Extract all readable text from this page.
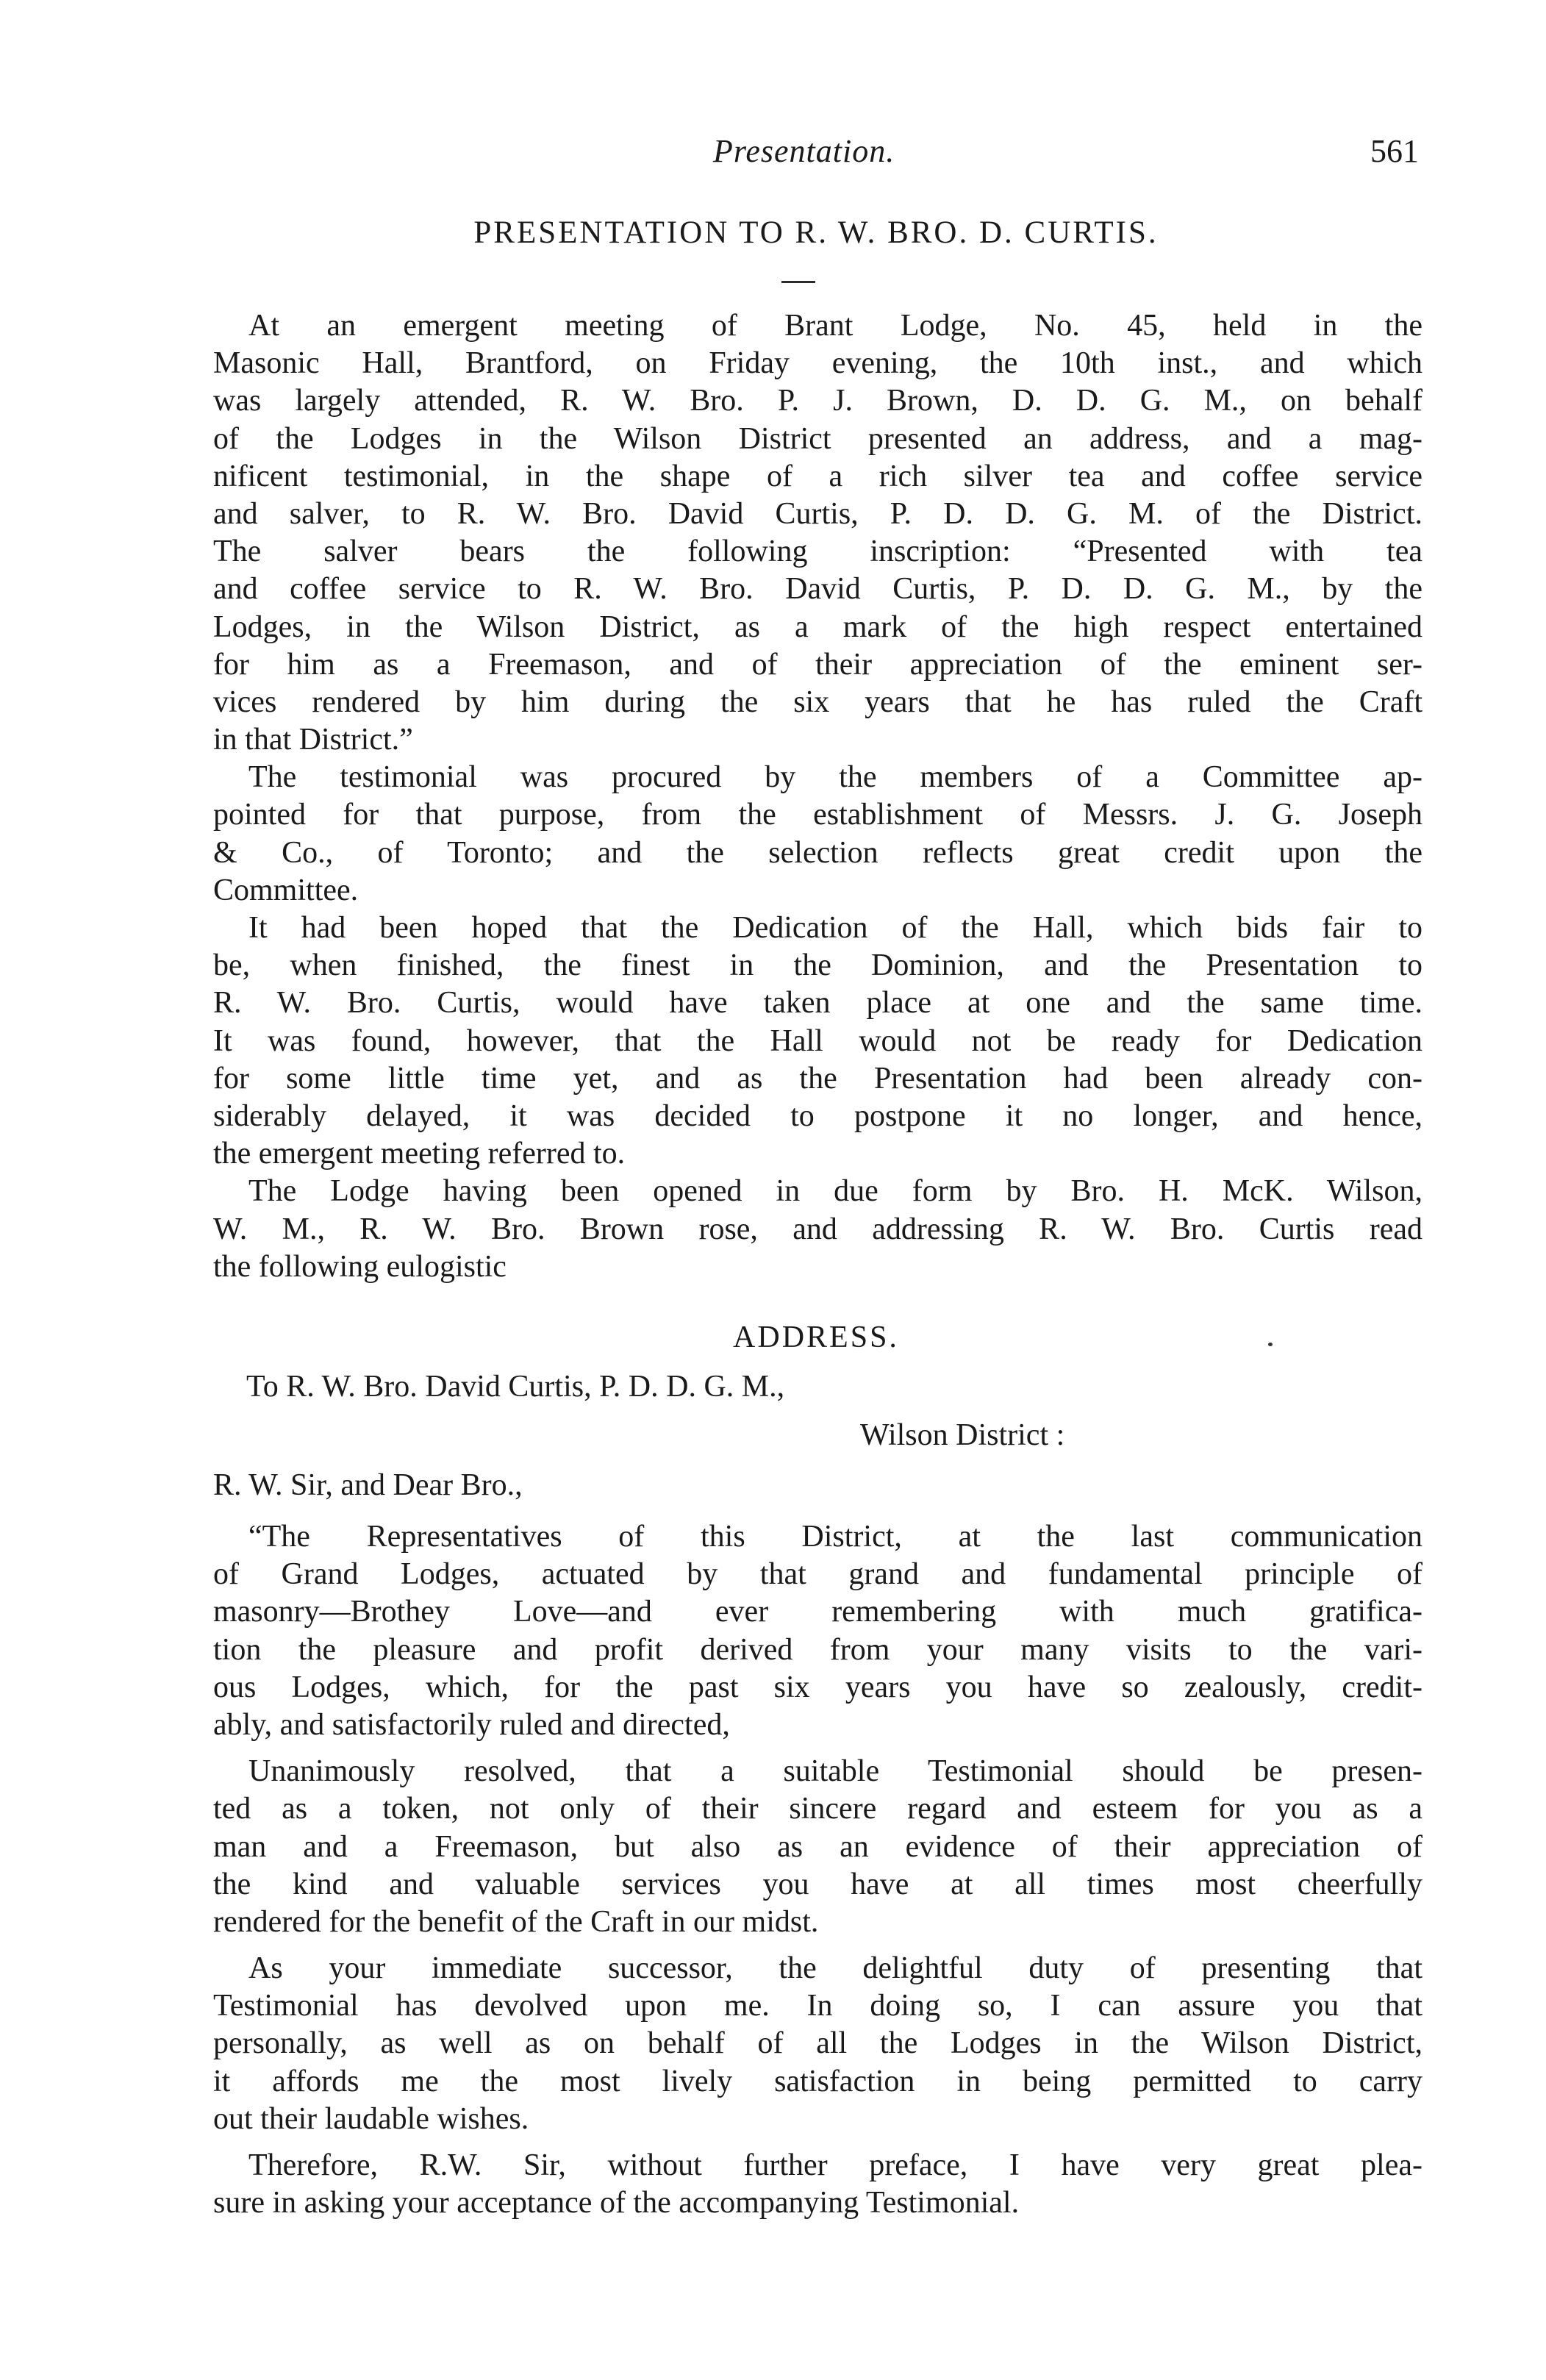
Presentation.	561
PRESENTATION TO R. W. BRO. D. CURTIS.
At an emergent meeting of Brant Lodge, No. 45, held in the
Masonic Hall, Brantford, on Friday evening, the 10th inst., and which
was largely attended, R. W. Bro. P. J. Brown, D. D. G. M., on behalf
of the Lodges in the Wilson District presented an address, and a mag-
nificent testimonial, in the shape of a rich silver tea and coffee service
and salver, to R. W. Bro. David Curtis, P. D. D. G. M. of the District.
The salver bears the following inscription: “Presented with tea
and coffee service to R. W. Bro. David Curtis, P. D. D. G. M., by the
Lodges, in the Wilson District, as a mark of the high respect entertained
for him as a Freemason, and of their appreciation of the eminent ser-
vices rendered by him during the six years that he has ruled the Craft
in that District.”
The testimonial was procured by the members of a Committee ap-
pointed for that purpose, from the establishment of Messrs. J. G. Joseph
& Co., of Toronto; and the selection reflects great credit upon the
Committee.
It had been hoped that the Dedication of the Hall, which bids fair to
be, when finished, the finest in the Dominion, and the Presentation to
R. W. Bro. Curtis, would have taken place at one and the same time.
It was found, however, that the Hall would not be ready for Dedication
for some little time yet, and as the Presentation had been already con-
siderably delayed, it was decided to postpone it no longer, and hence,
the emergent meeting referred to.
The Lodge having been opened in due form by Bro. H. McK. Wilson,
W. M., R. W. Bro. Brown rose, and addressing R. W. Bro. Curtis read
the following eulogistic
ADDRESS.
To R. W. Bro. David Curtis, P. D. D. G. M.,
Wilson District :
R. W. Sir, and Dear Bro.,
“The Representatives of this District, at the last communication
of Grand Lodges, actuated by that grand and fundamental principle of
masonry—Brothey Love—and ever remembering with much gratifica-
tion the pleasure and profit derived from your many visits to the vari-
ous Lodges, which, for the past six years you have so zealously, credit-
ably, and satisfactorily ruled and directed,
Unanimously resolved, that a suitable Testimonial should be presen-
ted as a token, not only of their sincere regard and esteem for you as a
man and a Freemason, but also as an evidence of their appreciation of
the kind and valuable services you have at all times most cheerfully
rendered for the benefit of the Craft in our midst.
As your immediate successor, the delightful duty of presenting that
Testimonial has devolved upon me. In doing so, I can assure you that
personally, as well as on behalf of all the Lodges in the Wilson District,
it affords me the most lively satisfaction in being permitted to carry
out their laudable wishes.
Therefore, R.W. Sir, without further preface, I have very great plea-
sure in asking your acceptance of the accompanying Testimonial.
